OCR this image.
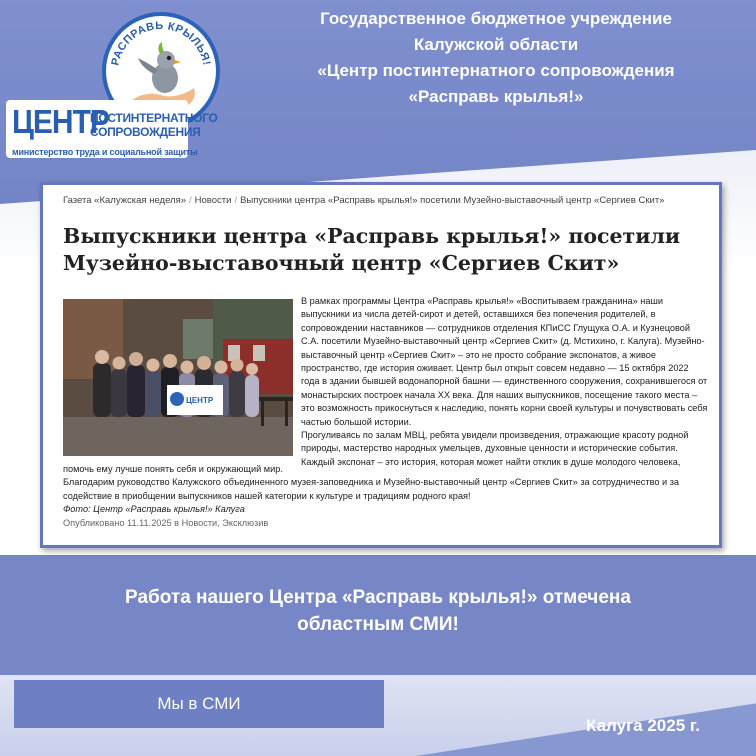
РАСПРАВЬ КРЫЛЬЯ!
ЦЕНТР
ПОСТИНТЕРНАТНОГО
СОПРОВОЖДЕНИЯ
министерство труда и социальной защиты
Государственное бюджетное учреждение
Калужской области
«Центр постинтернатного сопровождения
«Расправь крылья!»
Газета «Калужская неделя» / Новости / Выпускники центра «Расправь крылья!» посетили Музейно-выставочный центр «Сергиев Скит»
Выпускники центра «Расправь крылья!» посетили Музейно-выставочный центр «Сергиев Скит»
ЦЕНТР

В рамках программы Центра «Расправь крылья!» «Воспитываем гражданина» наши выпускники из числа детей-сирот и детей, оставшихся без попечения родителей, в сопровождении наставников — сотрудников отделения КПиСС Глущука О.А. и Кузнецовой С.А. посетили Музейно-выставочный центр «Сергиев Скит» (д. Мстихино, г. Калуга). Музейно-выставочный центр «Сергиев Скит» – это не просто собрание экспонатов, а живое пространство, где история оживает. Центр был открыт совсем недавно — 15 октября 2022 года в здании бывшей водонапорной башни — единственного сооружения, сохранившегося от монастырских построек начала XX века. Для наших выпускников, посещение такого места – это возможность прикоснуться к наследию, понять корни своей культуры и почувствовать себя частью большой истории.

Прогуливаясь по залам МВЦ, ребята увидели произведения, отражающие красоту родной природы, мастерство народных умельцев, духовные ценности и исторические события. Каждый экспонат – это история, которая может найти отклик в душе молодого человека,

помочь ему лучше понять себя и окружающий мир.

Благодарим руководство Калужского объединенного музея-заповедника и Музейно-выставочный центр «Сергиев Скит» за сотрудничество и за содействие в приобщении выпускников нашей категории к культуре и традициям родного края!

Фото: Центр «Расправь крылья!» Калуга

Опубликовано 11.11.2025 в Новости, Эксклюзив

Работа нашего Центра «Расправь крылья!» отмечена
областным СМИ!
Мы в СМИ
Калуга 2025 г.
